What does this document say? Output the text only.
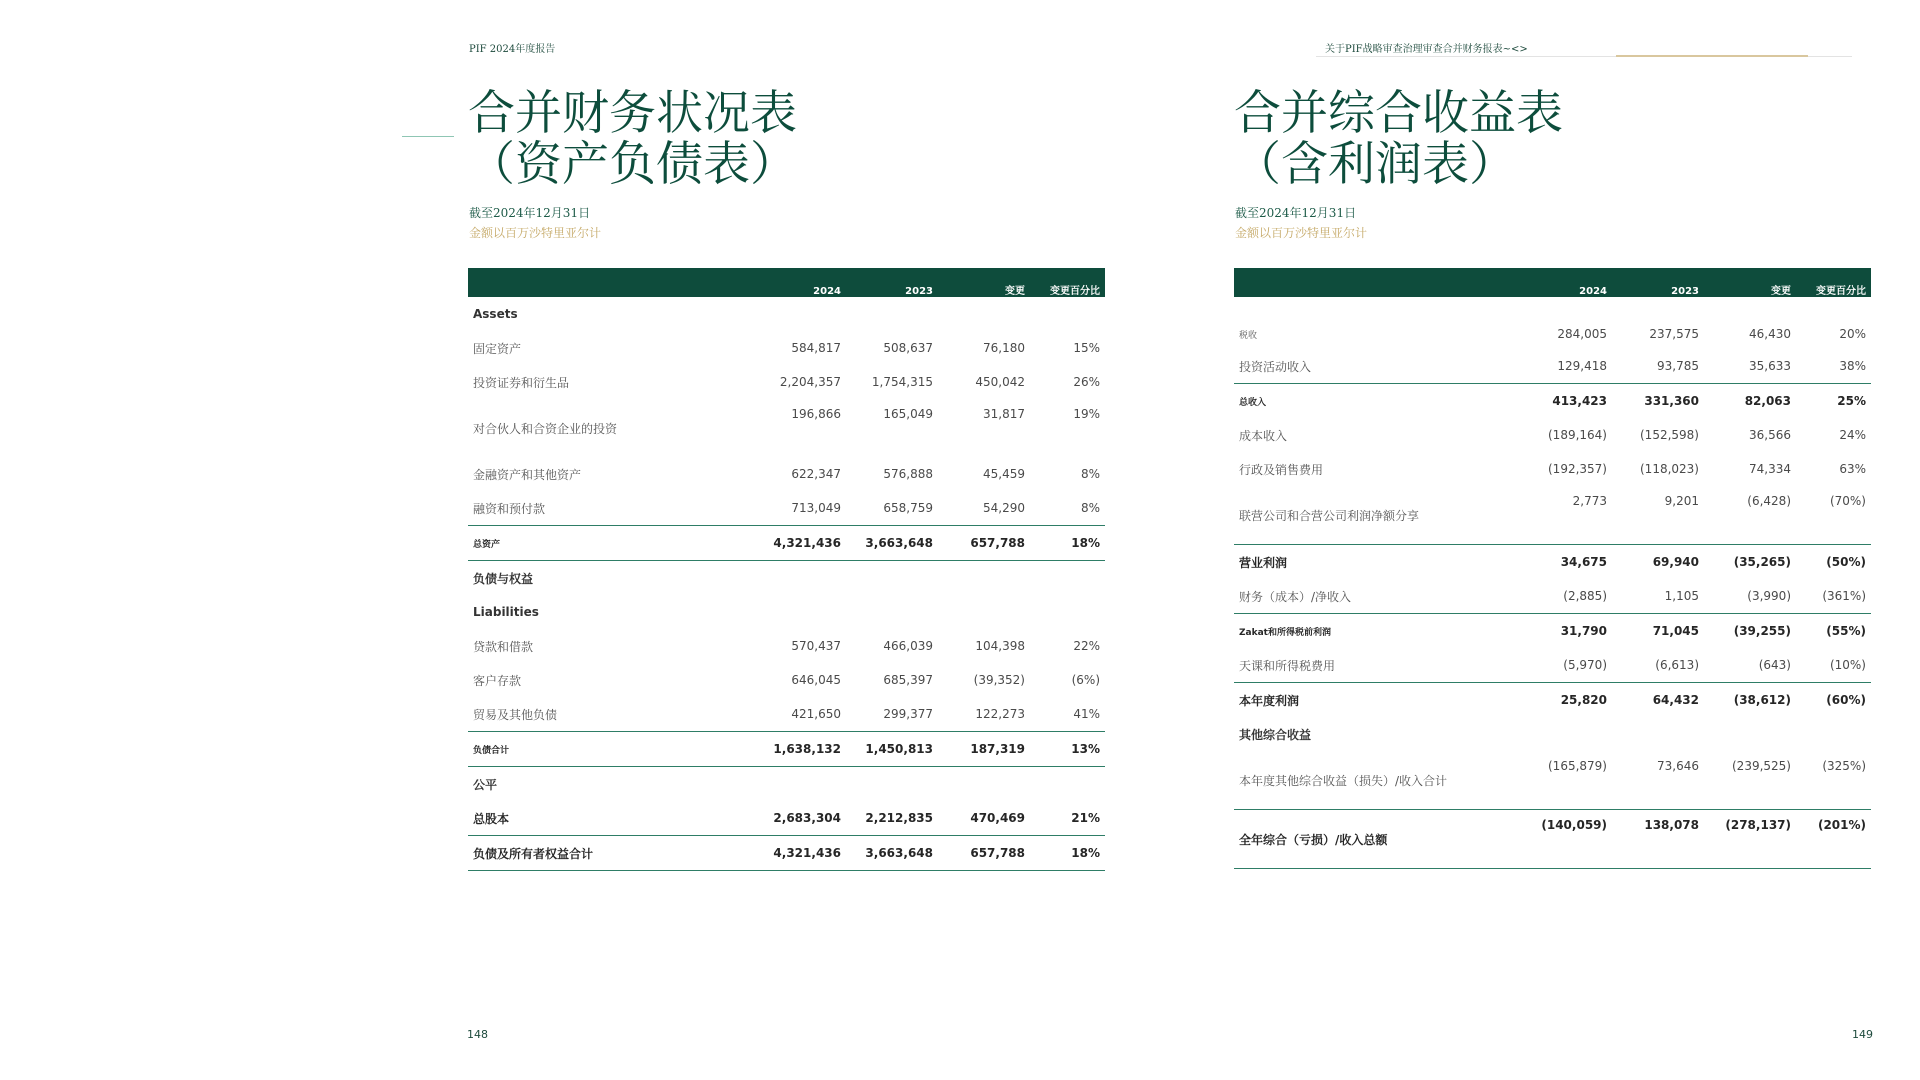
PIF 2024年度报告
合并财务状况表
（资产负债表）
截至2024年12月31日
金额以百万沙特里亚尔计
	2024	2023	变更	变更百分比
Assets				
固定资产	584,817	508,637	76,180	15%
投资证券和衍生品	2,204,357	1,754,315	450,042	26%
对合伙人和合资企业的投资	196,866	165,049	31,817	19%
金融资产和其他资产	622,347	576,888	45,459	8%
融资和预付款	713,049	658,759	54,290	8%
总资产	4,321,436	3,663,648	657,788	18%
负债与权益				
Liabilities				
贷款和借款	570,437	466,039	104,398	22%
客户存款	646,045	685,397	(39,352)	(6%)
贸易及其他负债	421,650	299,377	122,273	41%
负债合计	1,638,132	1,450,813	187,319	13%
公平				
总股本	2,683,304	2,212,835	470,469	21%
负债及所有者权益合计	4,321,436	3,663,648	657,788	18%
148
关于PIF战略审查治理审查合并财务报表~<>
合并综合收益表
（含利润表）
截至2024年12月31日
金额以百万沙特里亚尔计
	2024	2023	变更	变更百分比
税收	284,005	237,575	46,430	20%
投资活动收入	129,418	93,785	35,633	38%
总收入	413,423	331,360	82,063	25%
成本收入	(189,164)	(152,598)	36,566	24%
行政及销售费用	(192,357)	(118,023)	74,334	63%
联营公司和合营公司利润净额分享	2,773	9,201	(6,428)	(70%)
营业利润	34,675	69,940	(35,265)	(50%)
财务（成本）/净收入	(2,885)	1,105	(3,990)	(361%)
Zakat和所得税前利润	31,790	71,045	(39,255)	(55%)
天课和所得税费用	(5,970)	(6,613)	(643)	(10%)
本年度利润	25,820	64,432	(38,612)	(60%)
其他综合收益				
本年度其他综合收益（损失）/收入合计	(165,879)	73,646	(239,525)	(325%)
全年综合（亏损）/收入总额	(140,059)	138,078	(278,137)	(201%)
149
